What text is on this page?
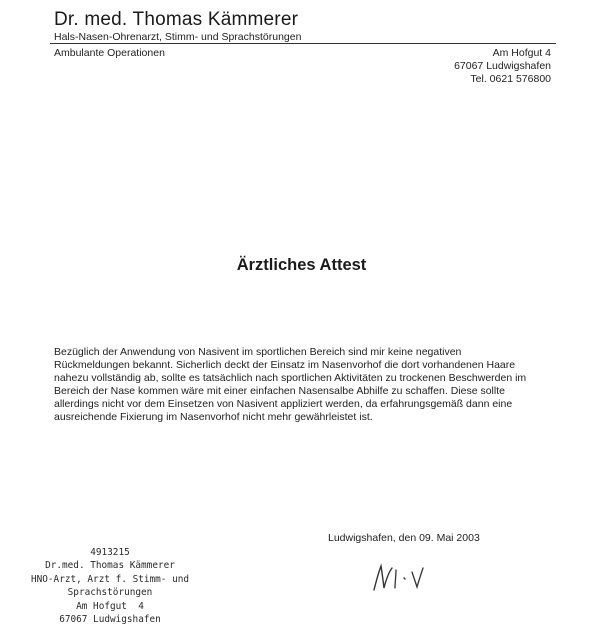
Dr. med. Thomas Kämmerer
Hals-Nasen-Ohrenarzt, Stimm- und Sprachstörungen
Ambulante Operationen	Am Hofgut 4
67067 Ludwigshafen
Tel. 0621 576800
Ärztliches Attest
Bezüglich der Anwendung von Nasivent im sportlichen Bereich sind mir keine negativen
Rückmeldungen bekannt. Sicherlich deckt der Einsatz im Nasenvorhof die dort vorhandenen Haare
nahezu vollständig ab, sollte es tatsächlich nach sportlichen Aktivitäten zu trockenen Beschwerden im
Bereich der Nase kommen wäre mit einer einfachen Nasensalbe Abhilfe zu schaffen. Diese sollte
allerdings nicht vor dem Einsetzen von Nasivent appliziert werden, da erfahrungsgemäß dann eine
ausreichende Fixierung im Nasenvorhof nicht mehr gewährleistet ist.
Ludwigshafen, den 09. Mai 2003
4913215
Dr.med. Thomas Kämmerer
HNO-Arzt, Arzt f. Stimm- und
Sprachstörungen
Am Hofgut  4
67067 Ludwigshafen
